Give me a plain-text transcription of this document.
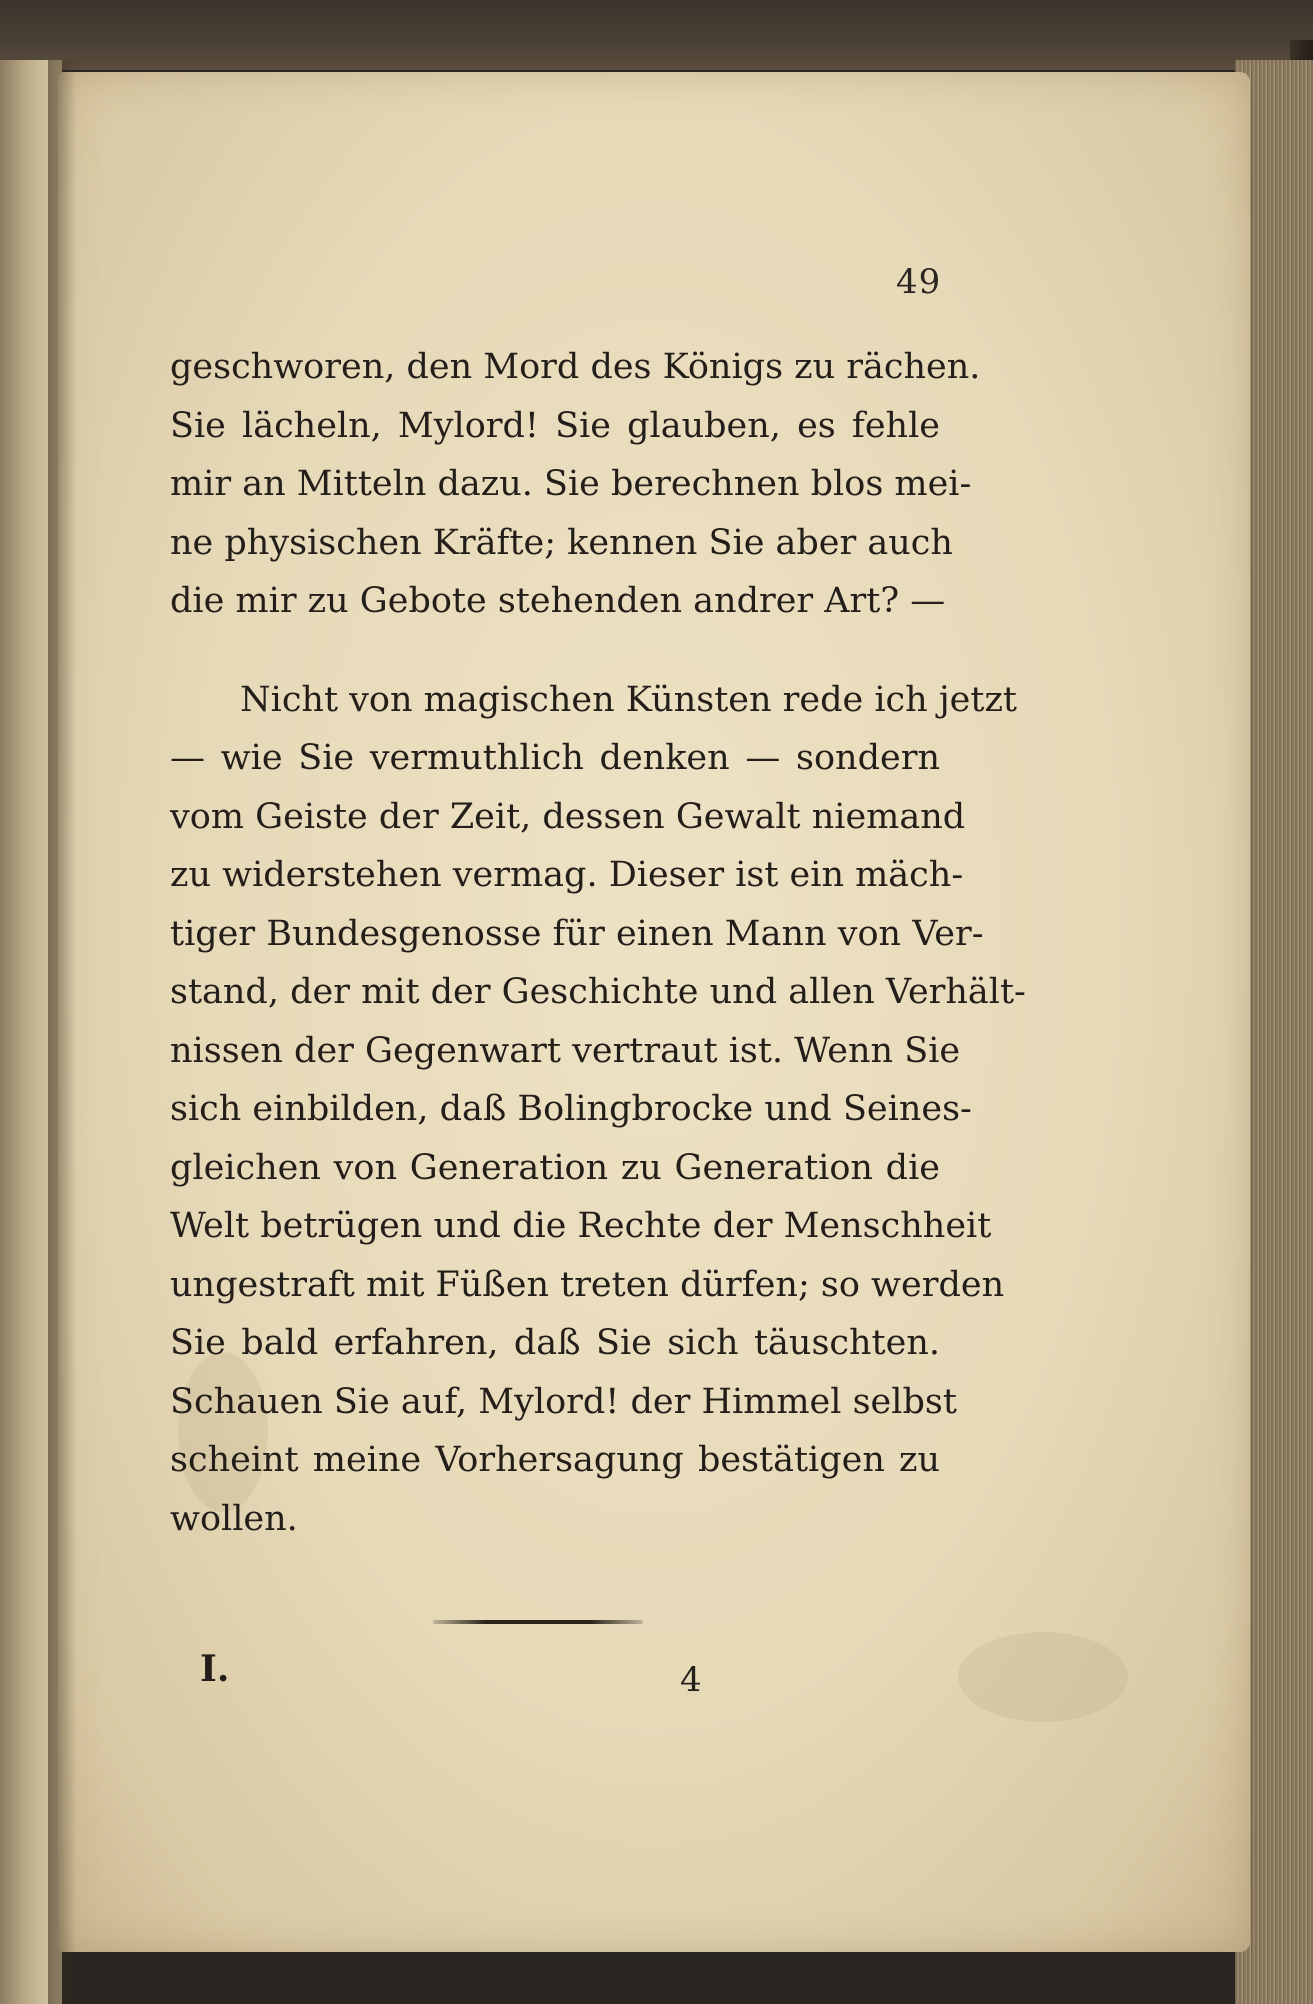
49
geschworen, den Mord des Königs zu rächen.
Sie lächeln, Mylord! Sie glauben, es fehle
mir an Mitteln dazu. Sie berechnen blos mei-
ne physischen Kräfte; kennen Sie aber auch
die mir zu Gebote stehenden andrer Art? —
Nicht von magischen Künsten rede ich jetzt
— wie Sie vermuthlich denken — sondern
vom Geiste der Zeit, dessen Gewalt niemand
zu widerstehen vermag. Dieser ist ein mäch-
tiger Bundesgenosse für einen Mann von Ver-
stand, der mit der Geschichte und allen Verhält-
nissen der Gegenwart vertraut ist. Wenn Sie
sich einbilden, daß Bolingbrocke und Seines-
gleichen von Generation zu Generation die
Welt betrügen und die Rechte der Menschheit
ungestraft mit Füßen treten dürfen; so werden
Sie bald erfahren, daß Sie sich täuschten.
Schauen Sie auf, Mylord! der Himmel selbst
scheint meine Vorhersagung bestätigen zu
wollen.
I.	4
